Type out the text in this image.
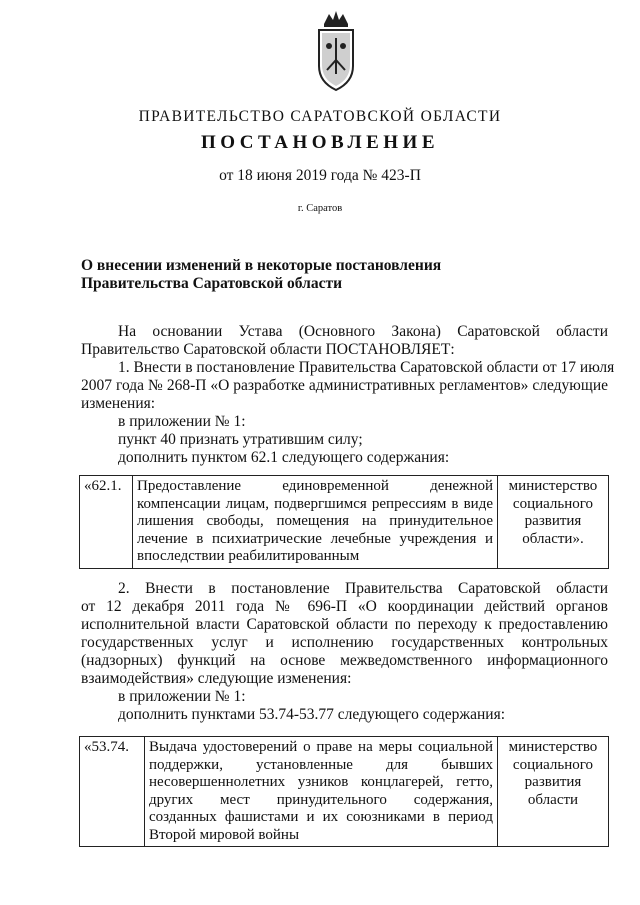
ПРАВИТЕЛЬСТВО САРАТОВСКОЙ ОБЛАСТИ
ПОСТАНОВЛЕНИЕ
от 18 июня 2019 года № 423-П
г. Саратов
О внесении изменений в некоторые постановления
Правительства Саратовской области
На основании Устава (Основного Закона) Саратовской области
Правительство Саратовской области ПОСТАНОВЛЯЕТ:
1. Внести в постановление Правительства Саратовской области от 17 июля
2007 года № 268-П «О разработке административных регламентов» следующие
изменения:
в приложении № 1:
пункт 40 признать утратившим силу;
дополнить пунктом 62.1 следующего содержания:
«62.1.	Предоставление единовременной денежной компенсации лицам, подвергшимся репрессиям в виде лишения свободы, помещения на принудительное лечение в психиатрические лечебные учреждения и впоследствии реабилитированным	министерство социального развития области».
2. Внести в постановление Правительства Саратовской области
от 12 декабря 2011 года № 696-П «О координации действий органов
исполнительной власти Саратовской области по переходу к предоставлению
государственных услуг и исполнению государственных контрольных
(надзорных) функций на основе межведомственного информационного
взаимодействия» следующие изменения:
в приложении № 1:
дополнить пунктами 53.74-53.77 следующего содержания:
«53.74.	Выдача удостоверений о праве на меры социальной поддержки, установленные для бывших несовершеннолетних узников концлагерей, гетто, других мест принудительного содержания, созданных фашистами и их союзниками в период Второй мировой войны	министерство социального развития области
